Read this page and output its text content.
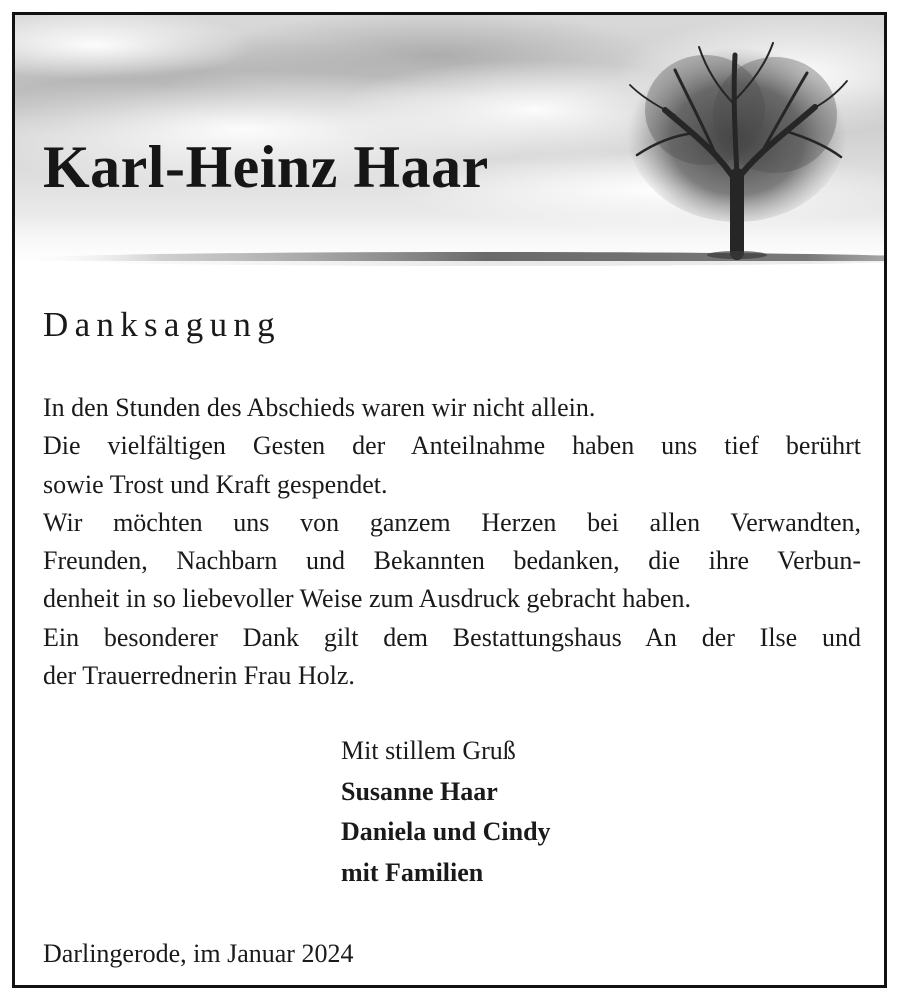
Karl-Heinz Haar
Danksagung
In den Stunden des Abschieds waren wir nicht allein.
Die vielfältigen Gesten der Anteilnahme haben uns tief berührt
sowie Trost und Kraft gespendet.
Wir möchten uns von ganzem Herzen bei allen Verwandten,
Freunden, Nachbarn und Bekannten bedanken, die ihre Verbun-
denheit in so liebevoller Weise zum Ausdruck gebracht haben.
Ein besonderer Dank gilt dem Bestattungshaus An der Ilse und
der Trauerrednerin Frau Holz.
Mit stillem Gruß
Susanne Haar
Daniela und Cindy
mit Familien
Darlingerode, im Januar 2024
